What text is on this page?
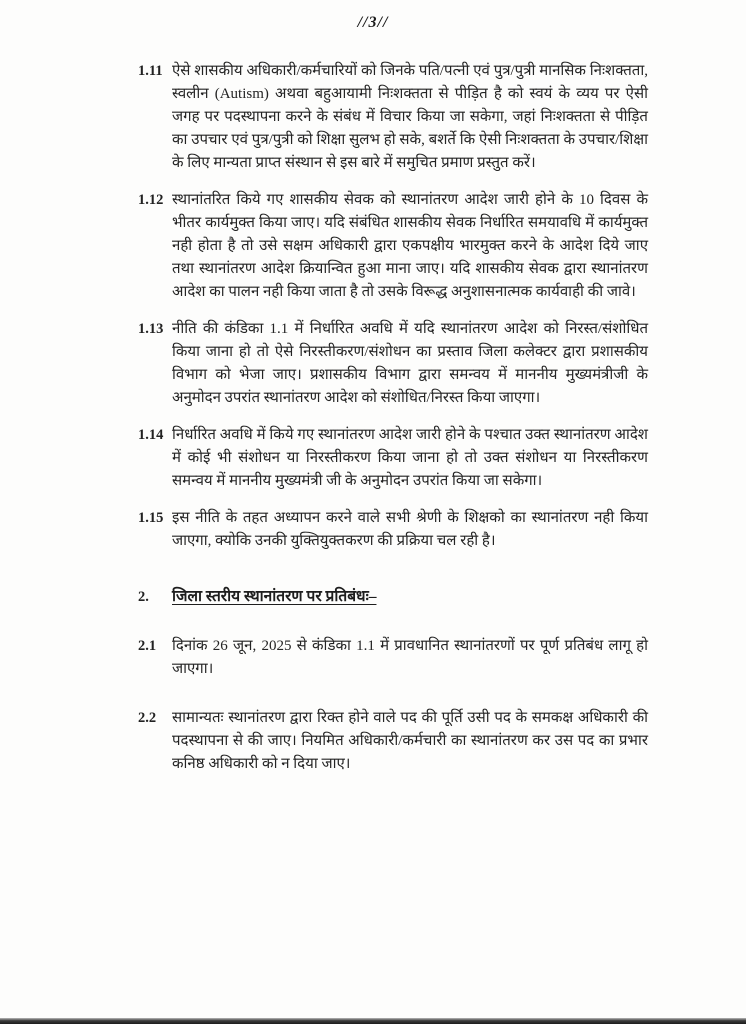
//3//
1.11 ऐसे शासकीय अधिकारी/कर्मचारियों को जिनके पति/पत्नी एवं पुत्र/पुत्री मानसिक निःशक्तता, स्वलीन (Autism) अथवा बहुआयामी निःशक्तता से पीड़ित है को स्वयं के व्यय पर ऐसी जगह पर पदस्थापना करने के संबंध में विचार किया जा सकेगा, जहां निःशक्तता से पीड़ित का उपचार एवं पुत्र/पुत्री को शिक्षा सुलभ हो सके, बशर्ते कि ऐसी निःशक्तता के उपचार/शिक्षा के लिए मान्यता प्राप्त संस्थान से इस बारे में समुचित प्रमाण प्रस्तुत करें।
1.12 स्थानांतरित किये गए शासकीय सेवक को स्थानांतरण आदेश जारी होने के 10 दिवस के भीतर कार्यमुक्त किया जाए। यदि संबंधित शासकीय सेवक निर्धारित समयावधि में कार्यमुक्त नही होता है तो उसे सक्षम अधिकारी द्वारा एकपक्षीय भारमुक्त करने के आदेश दिये जाए तथा स्थानांतरण आदेश क्रियान्वित हुआ माना जाए। यदि शासकीय सेवक द्वारा स्थानांतरण आदेश का पालन नही किया जाता है तो उसके विरूद्ध अनुशासनात्मक कार्यवाही की जावे।
1.13 नीति की कंडिका 1.1 में निर्धारित अवधि में यदि स्थानांतरण आदेश को निरस्त/संशोधित किया जाना हो तो ऐसे निरस्तीकरण/संशोधन का प्रस्ताव जिला कलेक्टर द्वारा प्रशासकीय विभाग को भेजा जाए। प्रशासकीय विभाग द्वारा समन्वय में माननीय मुख्यमंत्रीजी के अनुमोदन उपरांत स्थानांतरण आदेश को संशोधित/निरस्त किया जाएगा।
1.14 निर्धारित अवधि में किये गए स्थानांतरण आदेश जारी होने के पश्चात उक्त स्थानांतरण आदेश में कोई भी संशोधन या निरस्तीकरण किया जाना हो तो उक्त संशोधन या निरस्तीकरण समन्वय में माननीय मुख्यमंत्री जी के अनुमोदन उपरांत किया जा सकेगा।
1.15 इस नीति के तहत अध्यापन करने वाले सभी श्रेणी के शिक्षको का स्थानांतरण नही किया जाएगा, क्योकि उनकी युक्तियुक्तकरण की प्रक्रिया चल रही है।
2.	जिला स्तरीय स्थानांतरण पर प्रतिबंधः–
2.1	दिनांक 26 जून, 2025 से कंडिका 1.1 में प्रावधानित स्थानांतरणों पर पूर्ण प्रतिबंध लागू हो जाएगा।
2.2	सामान्यतः स्थानांतरण द्वारा रिक्त होने वाले पद की पूर्ति उसी पद के समकक्ष अधिकारी की पदस्थापना से की जाए। नियमित अधिकारी/कर्मचारी का स्थानांतरण कर उस पद का प्रभार कनिष्ठ अधिकारी को न दिया जाए।
